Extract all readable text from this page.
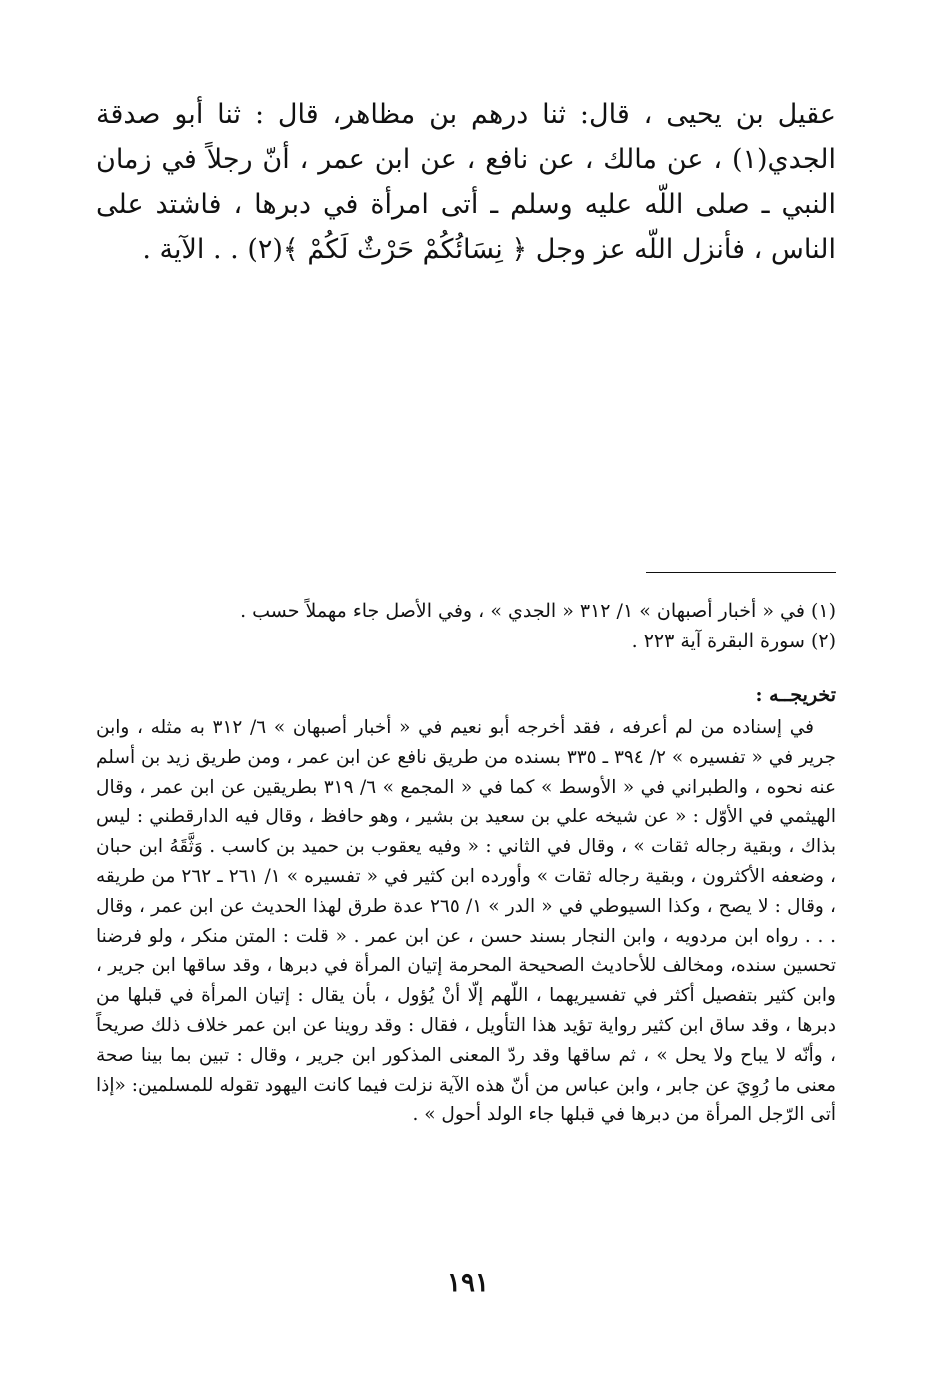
عقيل بن يحيى ، قال: ثنا درهم بن مظاهر، قال : ثنا أبو صدقة الجدي(١) ، عن مالك ، عن نافع ، عن ابن عمر ، أنّ رجلاً في زمان النبي ـ صلى اللّه عليه وسلم ـ أتى امرأة في دبرها ، فاشتد على الناس ، فأنزل اللّه عز وجل ﴿ نِسَائُكُمْ حَرْثٌ لَكُمْ ﴾(٢) . . الآية .

(١) في « أخبار أصبهان » ١/ ٣١٢ « الجدي » ، وفي الأصل جاء مهملاً حسب .

(٢) سورة البقرة آية ٢٢٣ .

تخريجــه :

في إسناده من لم أعرفه ، فقد أخرجه أبو نعيم في « أخبار أصبهان » ٦/ ٣١٢ به مثله ، وابن جرير في « تفسيره » ٢/ ٣٩٤ ـ ٣٣٥ بسنده من طريق نافع عن ابن عمر ، ومن طريق زيد بن أسلم عنه نحوه ، والطبراني في « الأوسط » كما في « المجمع » ٦/ ٣١٩ بطريقين عن ابن عمر ، وقال الهيثمي في الأوّل : « عن شيخه علي بن سعيد بن بشير ، وهو حافظ ، وقال فيه الدارقطني : ليس بذاك ، وبقية رجاله ثقات » ، وقال في الثاني : « وفيه يعقوب بن حميد بن كاسب . وَثَّقَهُ ابن حبان ، وضعفه الأكثرون ، وبقية رجاله ثقات » وأورده ابن كثير في « تفسيره » ١/ ٢٦١ ـ ٢٦٢ من طريقه ، وقال : لا يصح ، وكذا السيوطي في « الدر » ١/ ٢٦٥ عدة طرق لهذا الحديث عن ابن عمر ، وقال . . . رواه ابن مردويه ، وابن النجار بسند حسن ، عن ابن عمر . « قلت : المتن منكر ، ولو فرضنا تحسين سنده، ومخالف للأحاديث الصحيحة المحرمة إتيان المرأة في دبرها ، وقد ساقها ابن جرير ، وابن كثير بتفصيل أكثر في تفسيريهما ، اللّهم إلّا أنْ يُؤول ، بأن يقال : إتيان المرأة في قبلها من دبرها ، وقد ساق ابن كثير رواية تؤيد هذا التأويل ، فقال : وقد روينا عن ابن عمر خلاف ذلك صريحاً ، وأنّه لا يباح ولا يحل » ، ثم ساقها وقد ردّ المعنى المذكور ابن جرير ، وقال : تبين بما بينا صحة معنى ما رُوِيَ عن جابر ، وابن عباس من أنّ هذه الآية نزلت فيما كانت اليهود تقوله للمسلمين: «إذا أتى الرّجل المرأة من دبرها في قبلها جاء الولد أحول » .

١٩١
